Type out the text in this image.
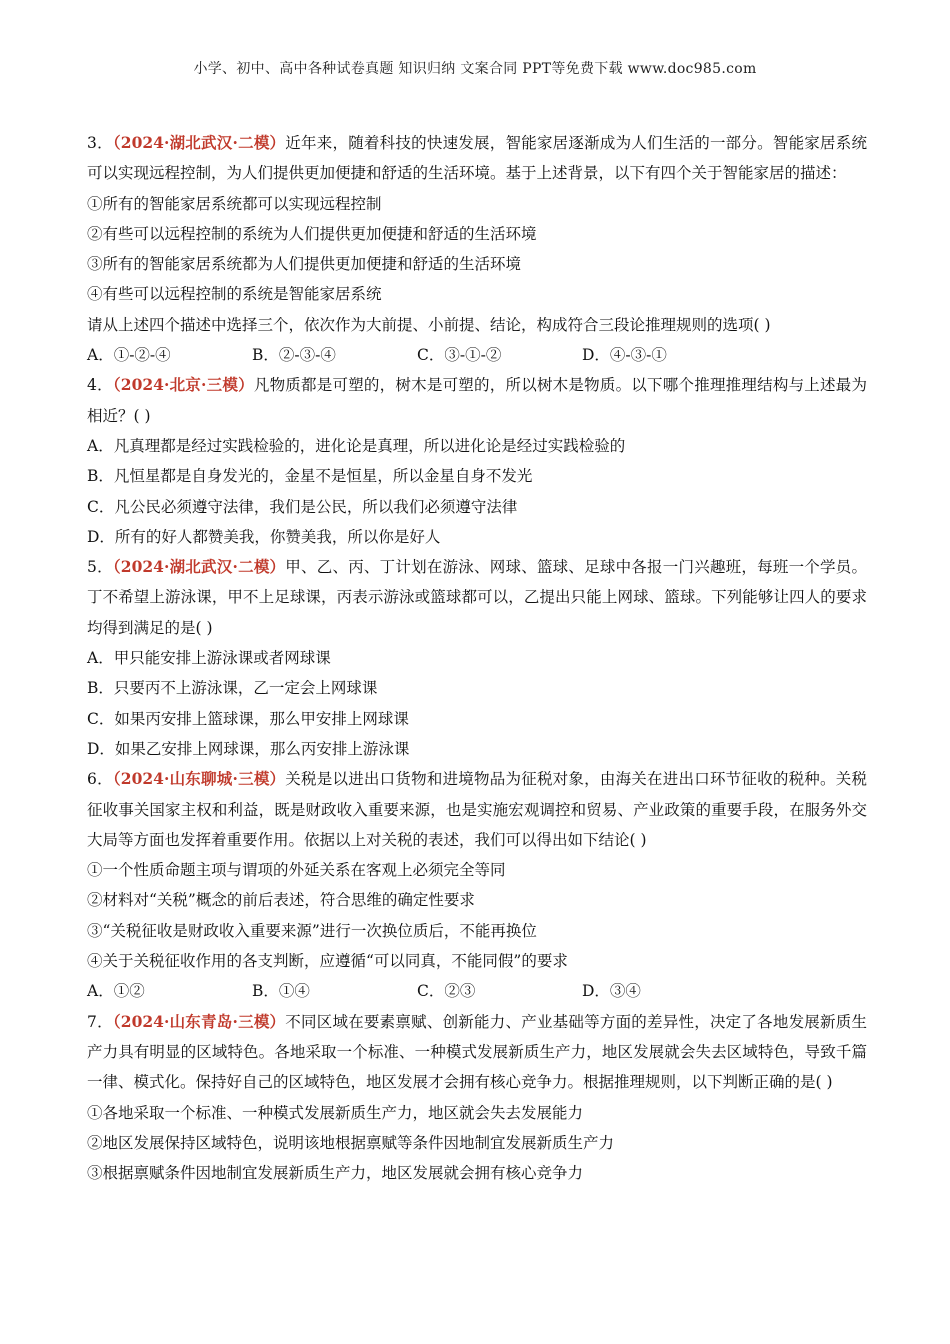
小学、初中、高中各种试卷真题 知识归纳 文案合同 PPT等免费下载 www.doc985.com
3．（2024·湖北武汉·二模）近年来，随着科技的快速发展，智能家居逐渐成为人们生活的一部分。智能家居系统可以实现远程控制，为人们提供更加便捷和舒适的生活环境。基于上述背景，以下有四个关于智能家居的描述：
①所有的智能家居系统都可以实现远程控制
②有些可以远程控制的系统为人们提供更加便捷和舒适的生活环境
③所有的智能家居系统都为人们提供更加便捷和舒适的生活环境
④有些可以远程控制的系统是智能家居系统
请从上述四个描述中选择三个，依次作为大前提、小前提、结论，构成符合三段论推理规则的选项( )
A．①-②-④	B．②-③-④	C．③-①-②	D．④-③-①
4．（2024·北京·三模）凡物质都是可塑的，树木是可塑的，所以树木是物质。以下哪个推理推理结构与上述最为相近？( )
A．凡真理都是经过实践检验的，进化论是真理，所以进化论是经过实践检验的
B．凡恒星都是自身发光的，金星不是恒星，所以金星自身不发光
C．凡公民必须遵守法律，我们是公民，所以我们必须遵守法律
D．所有的好人都赞美我，你赞美我，所以你是好人
5．（2024·湖北武汉·二模）甲、乙、丙、丁计划在游泳、网球、篮球、足球中各报一门兴趣班，每班一个学员。丁不希望上游泳课，甲不上足球课，丙表示游泳或篮球都可以，乙提出只能上网球、篮球。下列能够让四人的要求均得到满足的是( )
A．甲只能安排上游泳课或者网球课
B．只要丙不上游泳课，乙一定会上网球课
C．如果丙安排上篮球课，那么甲安排上网球课
D．如果乙安排上网球课，那么丙安排上游泳课
6．（2024·山东聊城·三模）关税是以进出口货物和进境物品为征税对象，由海关在进出口环节征收的税种。关税征收事关国家主权和利益，既是财政收入重要来源，也是实施宏观调控和贸易、产业政策的重要手段，在服务外交大局等方面也发挥着重要作用。依据以上对关税的表述，我们可以得出如下结论( )
①一个性质命题主项与谓项的外延关系在客观上必须完全等同
②材料对“关税”概念的前后表述，符合思维的确定性要求
③“关税征收是财政收入重要来源”进行一次换位质后，不能再换位
④关于关税征收作用的各支判断，应遵循“可以同真，不能同假”的要求
A．①②	B．①④	C．②③	D．③④
7．（2024·山东青岛·三模）不同区域在要素禀赋、创新能力、产业基础等方面的差异性，决定了各地发展新质生产力具有明显的区域特色。各地采取一个标准、一种模式发展新质生产力，地区发展就会失去区域特色，导致千篇一律、模式化。保持好自己的区域特色，地区发展才会拥有核心竞争力。根据推理规则，以下判断正确的是( )
①各地采取一个标准、一种模式发展新质生产力，地区就会失去发展能力
②地区发展保持区域特色，说明该地根据禀赋等条件因地制宜发展新质生产力
③根据禀赋条件因地制宜发展新质生产力，地区发展就会拥有核心竞争力
